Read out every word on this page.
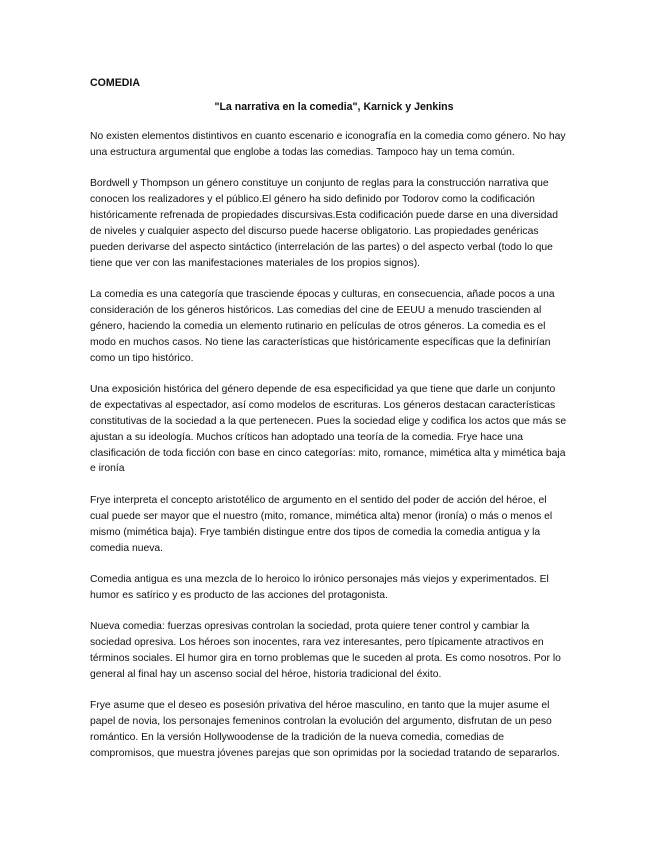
COMEDIA
"La narrativa en la comedia", Karnick y Jenkins

No existen elementos distintivos en cuanto escenario e iconografía en la comedia como género. No hay una estructura argumental que englobe a todas las comedias. Tampoco hay un tema común.

Bordwell y Thompson un género constituye un conjunto de reglas para la construcción narrativa que conocen los realizadores y el público.El género ha sido definido por Todorov como la codificación históricamente refrenada de propiedades discursivas.Esta codificación puede darse en una diversidad de niveles y cualquier aspecto del discurso puede hacerse obligatorio. Las propiedades genéricas pueden derivarse del aspecto sintáctico (interrelación de las partes) o del aspecto verbal (todo lo que tiene que ver con las manifestaciones materiales de los propios signos).

La comedia es una categoría que trasciende épocas y culturas, en consecuencia, añade pocos a una consideración de los géneros históricos. Las comedias del cine de EEUU a menudo trascienden al género, haciendo la comedia un elemento rutinario en películas de otros géneros. La comedia es el modo en muchos casos. No tiene las características que históricamente específicas que la definirían como un tipo histórico.

Una exposición histórica del género depende de esa especificidad ya que tiene que darle un conjunto de expectativas al espectador, así como modelos de escrituras. Los géneros destacan características constitutivas de la sociedad a la que pertenecen. Pues la sociedad elige y codifica los actos que más se ajustan a su ideología. Muchos críticos han adoptado una teoría de la comedia. Frye hace una clasificación de toda ficción con base en cinco categorías: mito, romance, mimética alta y mimética baja e ironía

Frye interpreta el concepto aristotélico de argumento en el sentido del poder de acción del héroe, el cual puede ser mayor que el nuestro (mito, romance, mimética alta) menor (ironía) o más o menos el mismo (mimética baja). Frye también distingue entre dos tipos de comedia la comedia antigua y la comedia nueva.

Comedia antigua es una mezcla de lo heroico lo irónico personajes más viejos y experimentados. El humor es satírico y es producto de las acciones del protagonista.

Nueva comedia: fuerzas opresivas controlan la sociedad, prota quiere tener control y cambiar la sociedad opresiva. Los héroes son inocentes, rara vez interesantes, pero típicamente atractivos en términos sociales. El humor gira en torno problemas que le suceden al prota. Es como nosotros. Por lo general al final hay un ascenso social del héroe, historia tradicional del éxito.

Frye asume que el deseo es posesión privativa del héroe masculino, en tanto que la mujer asume el papel de novia, los personajes femeninos controlan la evolución del argumento, disfrutan de un peso romántico. En la versión Hollywoodense de la tradición de la nueva comedia, comedias de compromisos, que muestra jóvenes parejas que son oprimidas por la sociedad tratando de separarlos.
